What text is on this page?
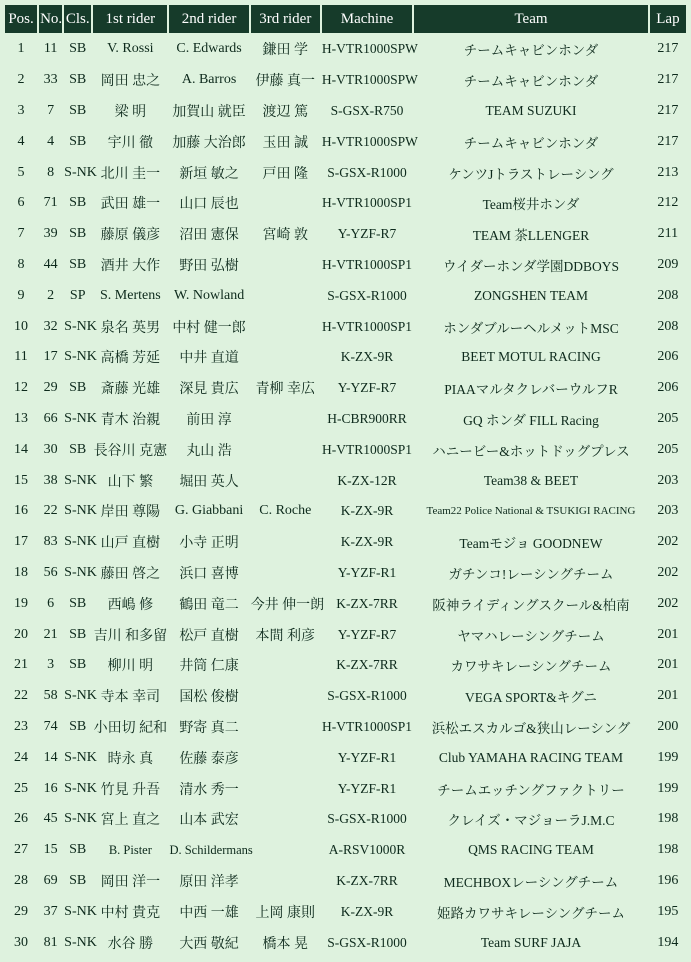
Pos.	No.	Cls.	1st rider	2nd rider	3rd rider	Machine	Team	Lap
1	11	SB	V. Rossi	C. Edwards	鎌田 学	H-VTR1000SPW	チームキャビンホンダ	217
2	33	SB	岡田 忠之	A. Barros	伊藤 真一	H-VTR1000SPW	チームキャビンホンダ	217
3	7	SB	梁 明	加賀山 就臣	渡辺 篤	S-GSX-R750	TEAM SUZUKI	217
4	4	SB	宇川 徹	加藤 大治郎	玉田 誠	H-VTR1000SPW	チームキャビンホンダ	217
5	8	S-NK	北川 圭一	新垣 敏之	戸田 隆	S-GSX-R1000	ケンツJトラストレーシング	213
6	71	SB	武田 雄一	山口 辰也		H-VTR1000SP1	Team桜井ホンダ	212
7	39	SB	藤原 儀彦	沼田 憲保	宮崎 敦	Y-YZF-R7	TEAM 茶LLENGER	211
8	44	SB	酒井 大作	野田 弘樹		H-VTR1000SP1	ウイダーホンダ学園DDBOYS	209
9	2	SP	S. Mertens	W. Nowland		S-GSX-R1000	ZONGSHEN TEAM	208
10	32	S-NK	泉名 英男	中村 健一郎		H-VTR1000SP1	ホンダブルーヘルメットMSC	208
11	17	S-NK	高橋 芳延	中井 直道		K-ZX-9R	BEET MOTUL RACING	206
12	29	SB	斎藤 光雄	深見 貴広	青柳 幸広	Y-YZF-R7	PIAAマルタクレバーウルフR	206
13	66	S-NK	青木 治親	前田 淳		H-CBR900RR	GQ ホンダ FILL Racing	205
14	30	SB	長谷川 克憲	丸山 浩		H-VTR1000SP1	ハニービー&ホットドッグプレス	205
15	38	S-NK	山下 繁	堀田 英人		K-ZX-12R	Team38 & BEET	203
16	22	S-NK	岸田 尊陽	G. Giabbani	C. Roche	K-ZX-9R	Team22 Police National & TSUKIGI RACING	203
17	83	S-NK	山戸 直樹	小寺 正明		K-ZX-9R	Teamモジョ GOODNEW	202
18	56	S-NK	藤田 啓之	浜口 喜博		Y-YZF-R1	ガチンコ!レーシングチーム	202
19	6	SB	西嶋 修	鶴田 竜二	今井 伸一朗	K-ZX-7RR	阪神ライディングスクール&柏南	202
20	21	SB	吉川 和多留	松戸 直樹	本間 利彦	Y-YZF-R7	ヤマハレーシングチーム	201
21	3	SB	柳川 明	井筒 仁康		K-ZX-7RR	カワサキレーシングチーム	201
22	58	S-NK	寺本 幸司	国松 俊樹		S-GSX-R1000	VEGA SPORT&キグニ	201
23	74	SB	小田切 紀和	野寄 真二		H-VTR1000SP1	浜松エスカルゴ&狭山レーシング	200
24	14	S-NK	時永 真	佐藤 泰彦		Y-YZF-R1	Club YAMAHA RACING TEAM	199
25	16	S-NK	竹見 升吾	清水 秀一		Y-YZF-R1	チームエッチングファクトリー	199
26	45	S-NK	宮上 直之	山本 武宏		S-GSX-R1000	クレイズ・マジョーラJ.M.C	198
27	15	SB	B. Pister	D. Schildermans		A-RSV1000R	QMS RACING TEAM	198
28	69	SB	岡田 洋一	原田 洋孝		K-ZX-7RR	MECHBOXレーシングチーム	196
29	37	S-NK	中村 貴克	中西 一雄	上岡 康則	K-ZX-9R	姫路カワサキレーシングチーム	195
30	81	S-NK	水谷 勝	大西 敬紀	橋本 晃	S-GSX-R1000	Team SURF JAJA	194
